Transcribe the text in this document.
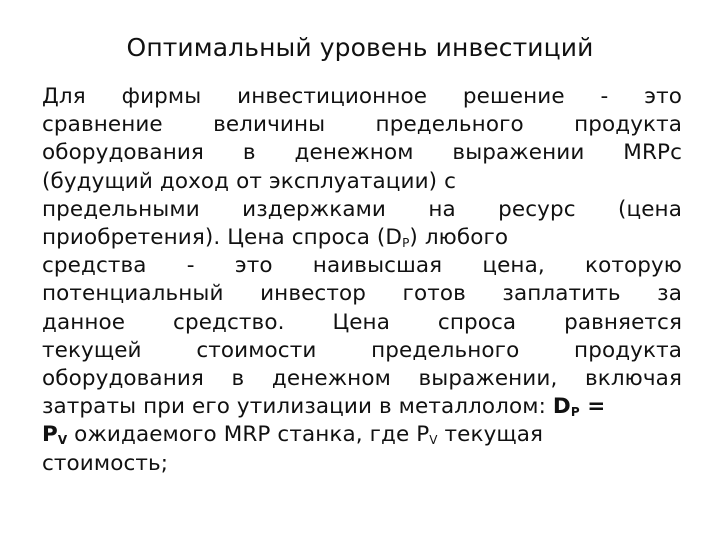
Оптимальный уровень инвестиций
Для фирмы инвестиционное решение - это
сравнение величины предельного продукта
оборудования в денежном выражении MRPс
(будущий доход от эксплуатации) с
предельными издержками на ресурс (цена
приобретения). Цена спроса $(D_P)$ любого
средства - это наивысшая цена, которую
потенциальный инвестор готов заплатить за
данное средство. Цена спроса равняется
текущей стоимости предельного продукта
оборудования в денежном выражении, включая
затраты при его утилизации в металлолом: $D_P$ =
$P_V$ ожидаемого MRP станка, где $P_V$ текущая
стоимость;
